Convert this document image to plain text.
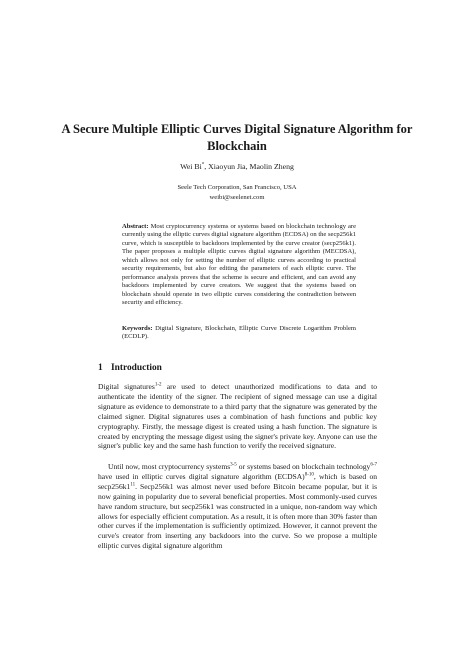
A Secure Multiple Elliptic Curves Digital Signature Algorithm for Blockchain
Wei Bi*, Xiaoyun Jia, Maolin Zheng
Seele Tech Corporation, San Francisco, USA
weibi@seelenet.com
Abstract: Most cryptocurrency systems or systems based on blockchain technology are currently using the elliptic curves digital signature algorithm (ECDSA) on the secp256k1 curve, which is susceptible to backdoors implemented by the curve creator (secp256k1). The paper proposes a multiple elliptic curves digital signature algorithm (MECDSA), which allows not only for setting the number of elliptic curves according to practical security requirements, but also for editing the parameters of each elliptic curve. The performance analysis proves that the scheme is secure and efficient, and can avoid any backdoors implemented by curve creators. We suggest that the systems based on blockchain should operate in two elliptic curves considering the contradiction between security and efficiency.
Keywords: Digital Signature, Blockchain, Elliptic Curve Discrete Logarithm Problem (ECDLP).
1 Introduction
Digital signatures$^{1-2}$ are used to detect unauthorized modifications to data and to authenticate the identity of the signer. The recipient of signed message can use a digital signature as evidence to demonstrate to a third party that the signature was generated by the claimed signer. Digital signatures uses a combination of hash functions and public key cryptography. Firstly, the message digest is created using a hash function. The signature is created by encrypting the message digest using the signer's private key. Anyone can use the signer's public key and the same hash function to verify the received signature.
Until now, most cryptocurrency systems$^{3-5}$ or systems based on blockchain technology$^{6-7}$ have used in elliptic curves digital signature algorithm (ECDSA)$^{8-10}$, which is based on $\sec p256k1^{11}$. Secp256k1 was almost never used before Bitcoin became popular, but it is now gaining in popularity due to several beneficial properties. Most commonly-used curves have random structure, but secp256k1 was constructed in a unique, non-random way which allows for especially efficient computation. As a result, it is often more than 30% faster than other curves if the implementation is sufficiently optimized. However, it cannot prevent the curve's creator from inserting any backdoors into the curve. So we propose a multiple elliptic curves digital signature algorithm
